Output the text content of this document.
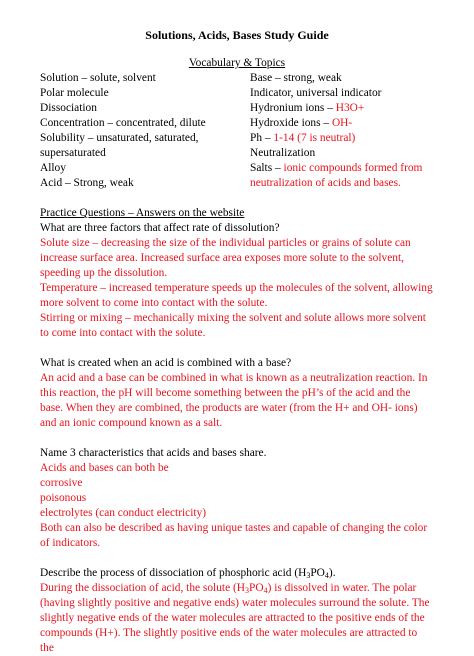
Solutions, Acids, Bases Study Guide
Vocabulary & Topics
Solution – solute, solvent
Polar molecule
Dissociation
Concentration – concentrated, dilute
Solubility – unsaturated, saturated,
supersaturated
Alloy
Acid – Strong, weak
Base – strong, weak
Indicator, universal indicator
Hydronium ions – H3O+
Hydroxide ions – OH-
Ph – 1-14 (7 is neutral)
Neutralization
Salts – ionic compounds formed from
neutralization of acids and bases.
Practice Questions – Answers on the website

What are three factors that affect rate of dissolution?

Solute size – decreasing the size of the individual particles or grains of solute can increase surface area. Increased surface area exposes more solute to the solvent, speeding up the dissolution.

Temperature – increased temperature speeds up the molecules of the solvent, allowing more solvent to come into contact with the solute.

Stirring or mixing – mechanically mixing the solvent and solute allows more solvent to come into contact with the solute.

What is created when an acid is combined with a base?

An acid and a base can be combined in what is known as a neutralization reaction. In this reaction, the pH will become something between the pH’s of the acid and the base. When they are combined, the products are water (from the H+ and OH- ions) and an ionic compound known as a salt.

Name 3 characteristics that acids and bases share.

Acids and bases can both be

corrosive

poisonous

electrolytes (can conduct electricity)

Both can also be described as having unique tastes and capable of changing the color of indicators.

Describe the process of dissociation of phosphoric acid $(H_3PO_4)$.

During the dissociation of acid, the solute $(H_3PO_4)$ is dissolved in water. The polar (having slightly positive and negative ends) water molecules surround the solute. The slightly negative ends of the water molecules are attracted to the positive ends of the compounds (H+). The slightly positive ends of the water molecules are attracted to the
